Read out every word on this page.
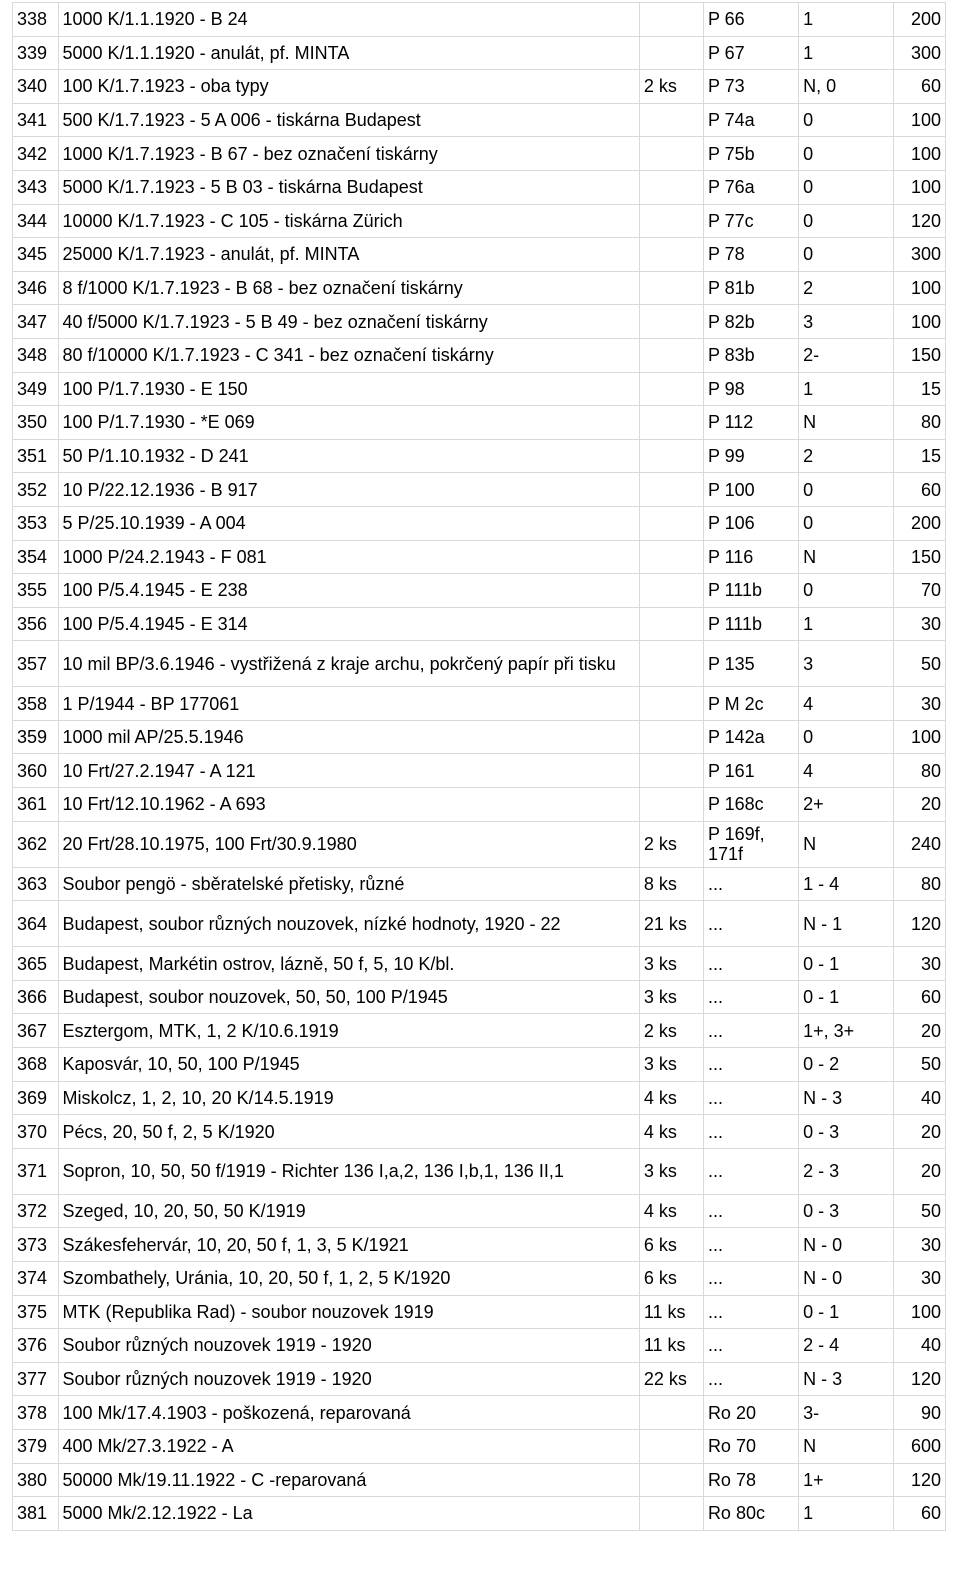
338	1000 K/1.1.1920 - B 24		P 66	1	200
339	5000 K/1.1.1920 - anulát, pf. MINTA		P 67	1	300
340	100 K/1.7.1923 - oba typy	2 ks	P 73	N, 0	60
341	500 K/1.7.1923 - 5 A 006 - tiskárna Budapest		P 74a	0	100
342	1000 K/1.7.1923 - B 67 - bez označení tiskárny		P 75b	0	100
343	5000 K/1.7.1923 - 5 B 03 - tiskárna Budapest		P 76a	0	100
344	10000 K/1.7.1923 - C 105 - tiskárna Zürich		P 77c	0	120
345	25000 K/1.7.1923 - anulát, pf. MINTA		P 78	0	300
346	8 f/1000 K/1.7.1923 - B 68 - bez označení tiskárny		P 81b	2	100
347	40 f/5000 K/1.7.1923 - 5 B 49 - bez označení tiskárny		P 82b	3	100
348	80 f/10000 K/1.7.1923 - C 341 - bez označení tiskárny		P 83b	2-	150
349	100 P/1.7.1930 - E 150		P 98	1	15
350	100 P/1.7.1930 - *E 069		P 112	N	80
351	50 P/1.10.1932 - D 241		P 99	2	15
352	10 P/22.12.1936 - B 917		P 100	0	60
353	5 P/25.10.1939 - A 004		P 106	0	200
354	1000 P/24.2.1943 - F 081		P 116	N	150
355	100 P/5.4.1945 - E 238		P 111b	0	70
356	100 P/5.4.1945 - E 314		P 111b	1	30
357	10 mil BP/3.6.1946 - vystřižená z kraje archu, pokrčený papír při tisku		P 135	3	50
358	1 P/1944 - BP 177061		P M 2c	4	30
359	1000 mil AP/25.5.1946		P 142a	0	100
360	10 Frt/27.2.1947 - A 121		P 161	4	80
361	10 Frt/12.10.1962 - A 693		P 168c	2+	20
362	20 Frt/28.10.1975, 100 Frt/30.9.1980	2 ks	P 169f, 171f	N	240
363	Soubor pengö - sběratelské přetisky, různé	8 ks	...	1 - 4	80
364	Budapest, soubor různých nouzovek, nízké hodnoty, 1920 - 22	21 ks	...	N - 1	120
365	Budapest, Markétin ostrov, lázně, 50 f, 5, 10 K/bl.	3 ks	...	0 - 1	30
366	Budapest, soubor nouzovek, 50, 50, 100 P/1945	3 ks	...	0 - 1	60
367	Esztergom, MTK, 1, 2 K/10.6.1919	2 ks	...	1+, 3+	20
368	Kaposvár, 10, 50, 100 P/1945	3 ks	...	0 - 2	50
369	Miskolcz, 1, 2, 10, 20 K/14.5.1919	4 ks	...	N - 3	40
370	Pécs, 20, 50 f, 2, 5 K/1920	4 ks	...	0 - 3	20
371	Sopron, 10, 50, 50 f/1919 - Richter 136 I,a,2, 136 I,b,1, 136 II,1	3 ks	...	2 - 3	20
372	Szeged, 10, 20, 50, 50 K/1919	4 ks	...	0 - 3	50
373	Szákesfehervár, 10, 20, 50 f, 1, 3, 5 K/1921	6 ks	...	N - 0	30
374	Szombathely, Uránia, 10, 20, 50 f, 1, 2, 5 K/1920	6 ks	...	N - 0	30
375	MTK (Republika Rad) - soubor nouzovek 1919	11 ks	...	0 - 1	100
376	Soubor různých nouzovek 1919 - 1920	11 ks	...	2 - 4	40
377	Soubor různých nouzovek 1919 - 1920	22 ks	...	N - 3	120
378	100 Mk/17.4.1903 - poškozená, reparovaná		Ro 20	3-	90
379	400 Mk/27.3.1922 - A		Ro 70	N	600
380	50000 Mk/19.11.1922 - C -reparovaná		Ro 78	1+	120
381	5000 Mk/2.12.1922 - La		Ro 80c	1	60
